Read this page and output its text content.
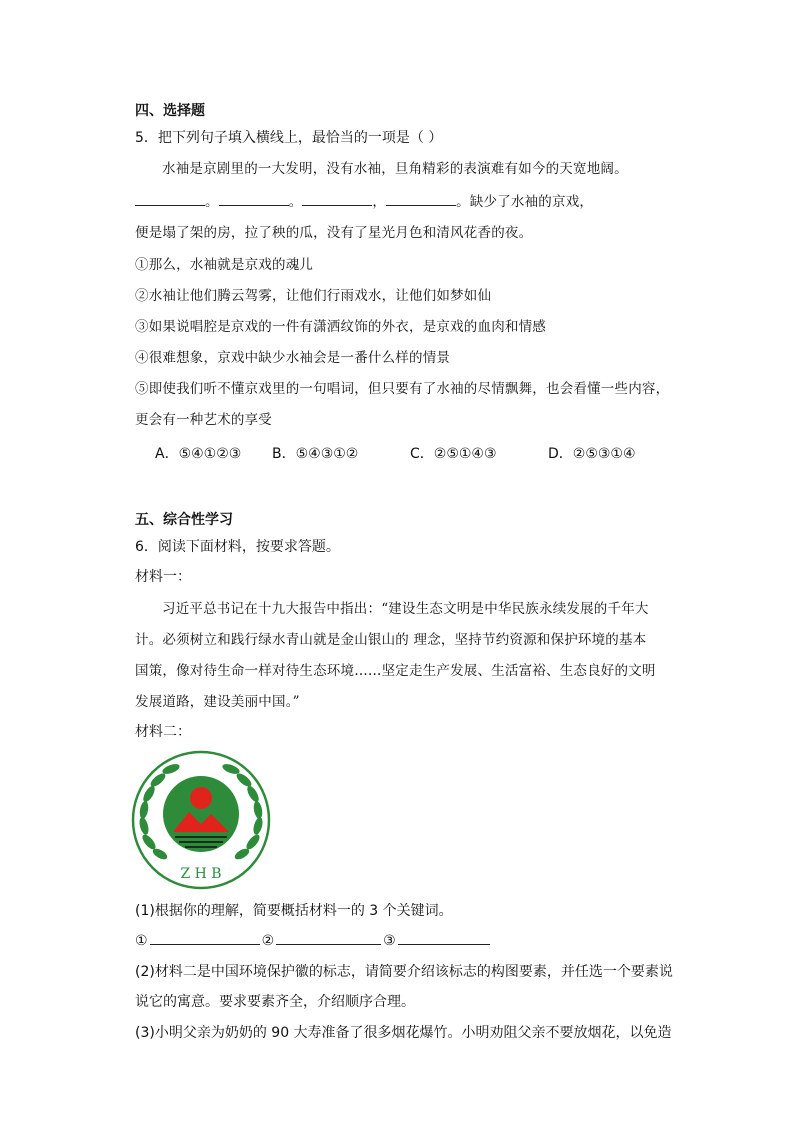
四、选择题
5．把下列句子填入横线上，最恰当的一项是（ ）
水袖是京剧里的一大发明，没有水袖，旦角精彩的表演难有如今的天宽地阔。
。	。	，	。缺少了水袖的京戏，
便是塌了架的房，拉了秧的瓜，没有了星光月色和清风花香的夜。
①那么，水袖就是京戏的魂儿
②水袖让他们腾云驾雾，让他们行雨戏水，让他们如梦如仙
③如果说唱腔是京戏的一件有潇洒纹饰的外衣，是京戏的血肉和情感
④很难想象，京戏中缺少水袖会是一番什么样的情景
⑤即使我们听不懂京戏里的一句唱词，但只要有了水袖的尽情飘舞，也会看懂一些内容，
更会有一种艺术的享受
A．⑤④①②③ B．⑤④③①②	C．②⑤①④③	D．②⑤③①④
五、综合性学习
6．阅读下面材料，按要求答题。
材料一：
习近平总书记在十九大报告中指出：“建设生态文明是中华民族永续发展的千年大
计。必须树立和践行绿水青山就是金山银山的 理念，坚持节约资源和保护环境的基本
国策，像对待生命一样对待生态环境……坚定走生产发展、生活富裕、生态良好的文明
发展道路，建设美丽中国。”
材料二：
Z H B
(1)根据你的理解，简要概括材料一的 3 个关键词。
①	②	③
(2)材料二是中国环境保护徽的标志，请简要介绍该标志的构图要素，并任选一个要素说
说它的寓意。要求要素齐全，介绍顺序合理。
(3)小明父亲为奶奶的 90 大寿准备了很多烟花爆竹。小明劝阻父亲不要放烟花，以免造
